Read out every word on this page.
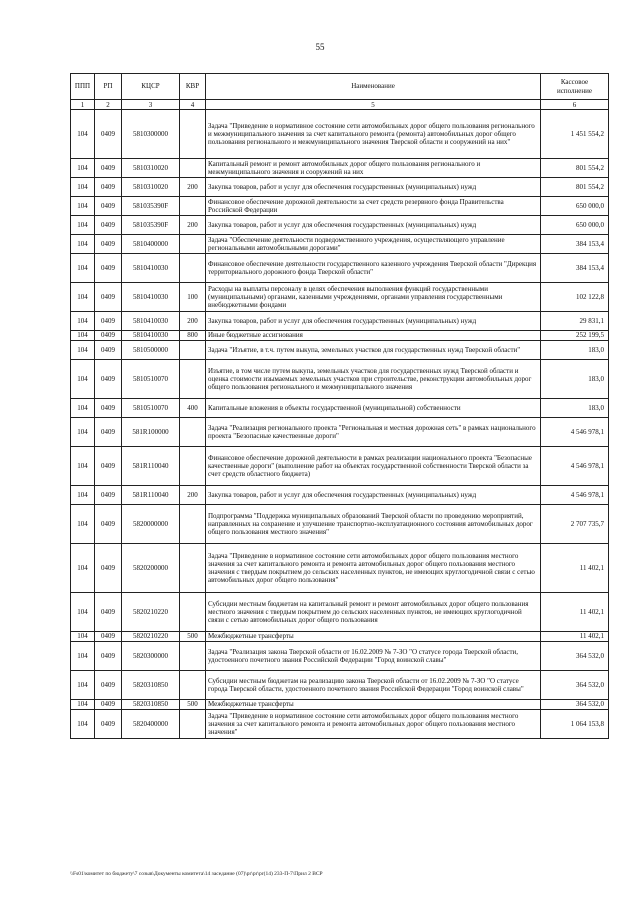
55
ППП	РП	КЦСР	КВР	Наименование	Кассовое исполнение
1	2	3	4	5	6
104	0409	5810300000		Задача "Приведение в нормативное состояние сети автомобильных дорог общего пользования регионального и межмуниципального значения за счет капитального ремонта (ремонта) автомобильных дорог общего пользования регионального и межмуниципального значения Тверской области и сооружений на них"	1 451 554,2
104	0409	5810310020		Капитальный ремонт и ремонт автомобильных дорог общего пользования регионального и межмуниципального значения и сооружений на них	801 554,2
104	0409	5810310020	200	Закупка товаров, работ и услуг для обеспечения государственных (муниципальных) нужд	801 554,2
104	0409	581035390F		Финансовое обеспечение дорожной деятельности за счет средств резервного фонда Правительства Российской Федерации	650 000,0
104	0409	581035390F	200	Закупка товаров, работ и услуг для обеспечения государственных (муниципальных) нужд	650 000,0
104	0409	5810400000		Задача "Обеспечение деятельности подведомственного учреждения, осуществляющего управление региональными автомобильными дорогами"	384 153,4
104	0409	5810410030		Финансовое обеспечение деятельности государственного казенного учреждения Тверской области "Дирекция территориального дорожного фонда Тверской области"	384 153,4
104	0409	5810410030	100	Расходы на выплаты персоналу в целях обеспечения выполнения функций государственными (муниципальными) органами, казенными учреждениями, органами управления государственными внебюджетными фондами	102 122,8
104	0409	5810410030	200	Закупка товаров, работ и услуг для обеспечения государственных (муниципальных) нужд	29 831,1
104	0409	5810410030	800	Иные бюджетные ассигнования	252 199,5
104	0409	5810500000		Задача "Изъятие, в т.ч. путем выкупа, земельных участков для государственных нужд Тверской области"	183,0
104	0409	5810510070		Изъятие, в том числе путем выкупа, земельных участков для государственных нужд Тверской области и оценка стоимости изымаемых земельных участков при строительстве, реконструкции автомобильных дорог общего пользования регионального и межмуниципального значения	183,0
104	0409	5810510070	400	Капитальные вложения в объекты государственной (муниципальной) собственности	183,0
104	0409	581R100000		Задача "Реализация регионального проекта "Региональная и местная дорожная сеть" в рамках национального проекта "Безопасные качественные дороги"	4 546 978,1
104	0409	581R110040		Финансовое обеспечение дорожной деятельности в рамках реализации национального проекта "Безопасные качественные дороги" (выполнение работ на объектах государственной собственности Тверской области за счет средств областного бюджета)	4 546 978,1
104	0409	581R110040	200	Закупка товаров, работ и услуг для обеспечения государственных (муниципальных) нужд	4 546 978,1
104	0409	5820000000		Подпрограмма "Поддержка муниципальных образований Тверской области по проведению мероприятий, направленных на сохранение и улучшение транспортно-эксплуатационного состояния автомобильных дорог общего пользования местного значения"	2 707 735,7
104	0409	5820200000		Задача "Приведение в нормативное состояние сети автомобильных дорог общего пользования местного значения за счет капитального ремонта и ремонта автомобильных дорог общего пользования местного значения с твердым покрытием до сельских населенных пунктов, не имеющих круглогодичной связи с сетью автомобильных дорог общего пользования"	11 402,1
104	0409	5820210220		Субсидии местным бюджетам на капитальный ремонт и ремонт автомобильных дорог общего пользования местного значения с твердым покрытием до сельских населенных пунктов, не имеющих круглогодичной связи с сетью автомобильных дорог общего пользования	11 402,1
104	0409	5820210220	500	Межбюджетные трансферты	11 402,1
104	0409	5820300000		Задача "Реализация закона Тверской области от 16.02.2009 № 7-ЗО "О статусе города Тверской области, удостоенного почетного звания Российской Федерации "Город воинской славы"	364 532,0
104	0409	5820310850		Субсидии местным бюджетам на реализацию закона Тверской области от 16.02.2009 № 7-ЗО "О статусе города Тверской области, удостоенного почетного звания Российской Федерации "Город воинской славы"	364 532,0
104	0409	5820310850	500	Межбюджетные трансферты	364 532,0
104	0409	5820400000		Задача "Приведение в нормативное состояние сети автомобильных дорог общего пользования местного значения за счет капитального ремонта и ремонта автомобильных дорог общего пользования местного значения"	1 064 153,8
\\Fs01\комитет по бюджету\7 созыв\Документы комитета\14 заседание (07)\pr\pr\pr(14) 233-П-7\Прил 2 ВСР
